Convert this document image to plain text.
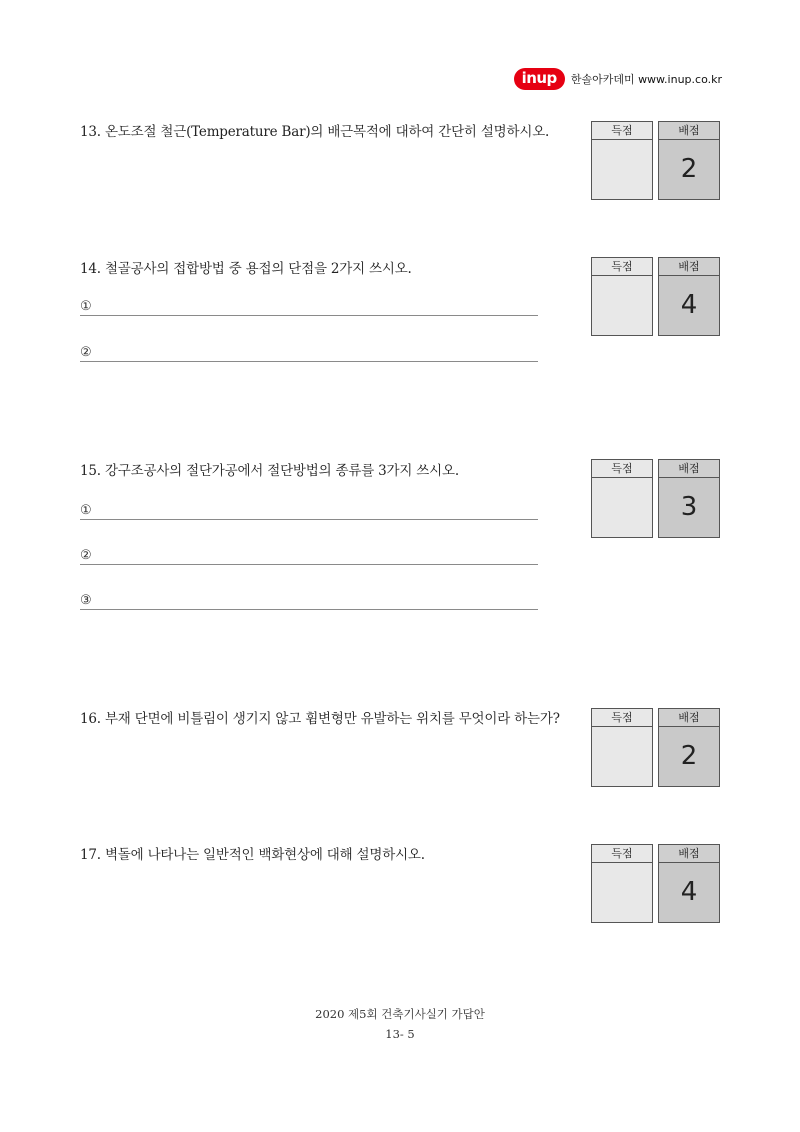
inup	한솔아카데미 www.inup.co.kr
13. 온도조절 철근(Temperature Bar)의 배근목적에 대하여 간단히 설명하시오.	득점	배점
2
14. 철골공사의 접합방법 중 용접의 단점을 2가지 쓰시오.	득점	배점
4
①
②
15. 강구조공사의 절단가공에서 절단방법의 종류를 3가지 쓰시오.	득점	배점
3
①
②
③
16. 부재 단면에 비틀림이 생기지 않고 휨변형만 유발하는 위치를 무엇이라 하는가?	득점	배점
2
17. 벽돌에 나타나는 일반적인 백화현상에 대해 설명하시오.	득점	배점
4
2020 제5회 건축기사실기 가답안
13- 5
